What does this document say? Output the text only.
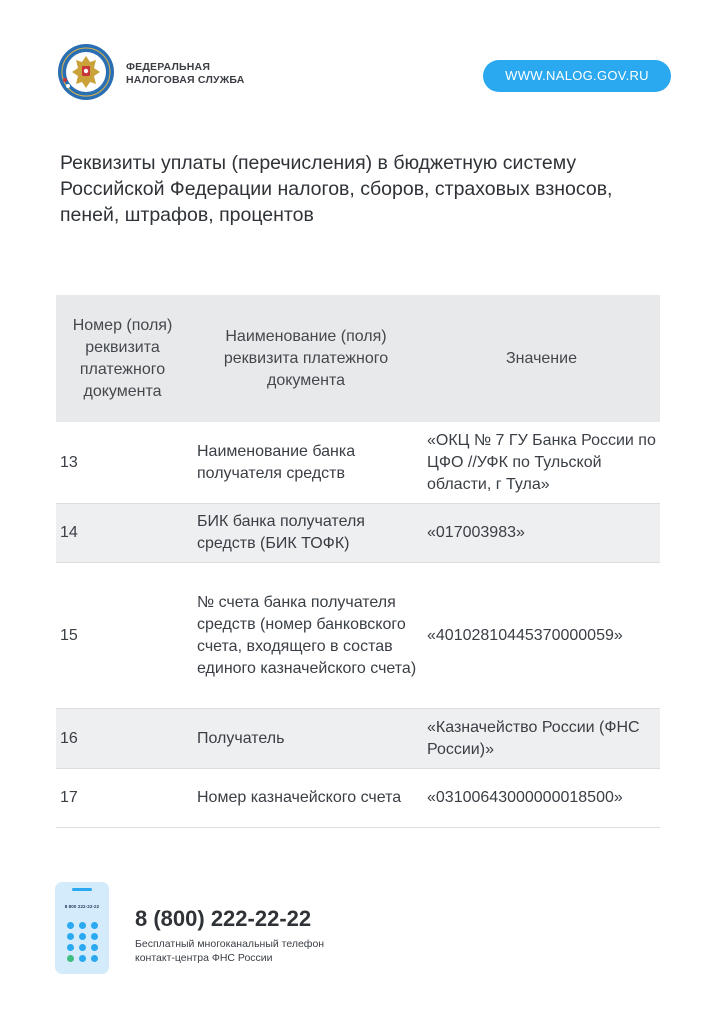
ФЕДЕРАЛЬНАЯ
НАЛОГОВАЯ СЛУЖБА	WWW.NALOG.GOV.RU
Реквизиты уплаты (перечисления) в бюджетную систему
Российской Федерации налогов, сборов, страховых взносов,
пеней, штрафов, процентов
Номер (поля) реквизита платежного документа	Наименование (поля) реквизита платежного документа	Значение
13	Наименование банка получателя средств	«ОКЦ № 7 ГУ Банка России по ЦФО //УФК по Тульской области, г Тула»
14	БИК банка получателя средств (БИК ТОФК)	«017003983»
15	№ счета банка получателя средств (номер банковского счета, входящего в состав единого казначейского счета)	«40102810445370000059»
16	Получатель	«Казначейство России (ФНС России)»
17	Номер казначейского счета	«03100643000000018500»
8 800 222-22-22	8 (800) 222-22-22
Бесплатный многоканальный телефон
контакт-центра ФНС России
